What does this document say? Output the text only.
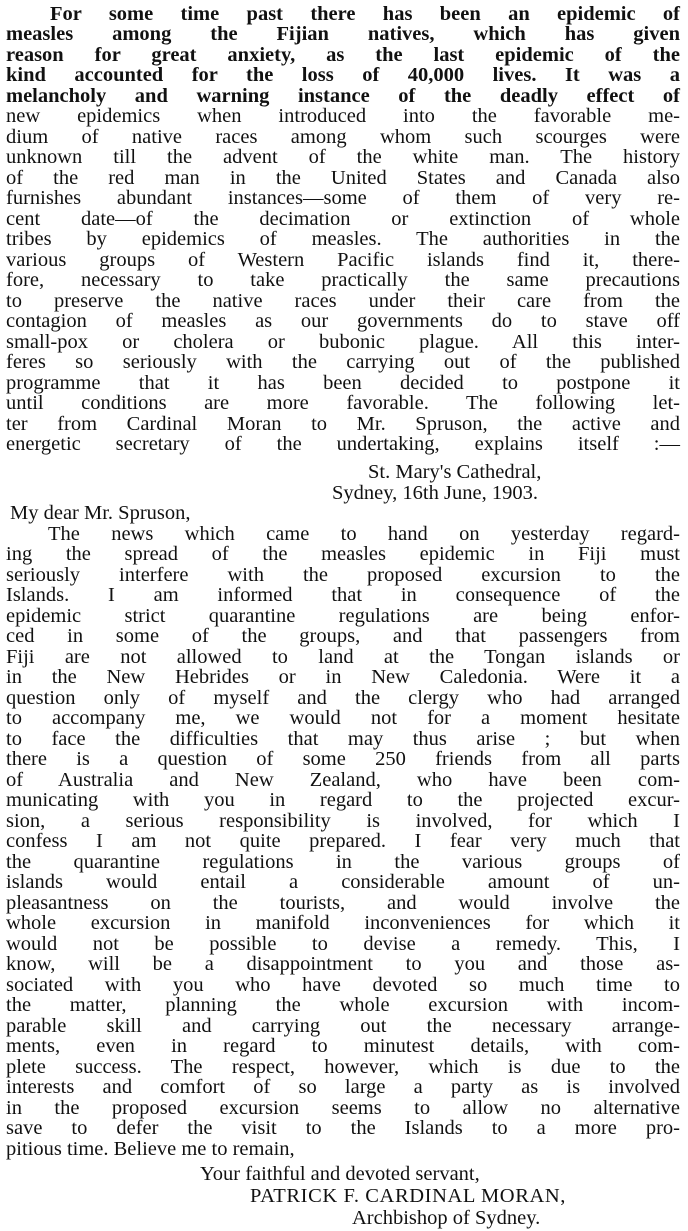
For some time past there has been an epidemic of
measles among the Fijian natives, which has given
reason for great anxiety, as the last epidemic of the
kind accounted for the loss of 40,000 lives. It was a
melancholy and warning instance of the deadly effect of
new epidemics when introduced into the favorable me-
dium of native races among whom such scourges were
unknown till the advent of the white man. The history
of the red man in the United States and Canada also
furnishes abundant instances—some of them of very re-
cent date—of the decimation or extinction of whole
tribes by epidemics of measles. The authorities in the
various groups of Western Pacific islands find it, there-
fore, necessary to take practically the same precautions
to preserve the native races under their care from the
contagion of measles as our governments do to stave off
small-pox or cholera or bubonic plague. All this inter-
feres so seriously with the carrying out of the published
programme that it has been decided to postpone it
until conditions are more favorable. The following let-
ter from Cardinal Moran to Mr. Spruson, the active and
energetic secretary of the undertaking, explains itself :—
St. Mary's Cathedral,
Sydney, 16th June, 1903.
My dear Mr. Spruson,
The news which came to hand on yesterday regard-
ing the spread of the measles epidemic in Fiji must
seriously interfere with the proposed excursion to the
Islands. I am informed that in consequence of the
epidemic strict quarantine regulations are being enfor-
ced in some of the groups, and that passengers from
Fiji are not allowed to land at the Tongan islands or
in the New Hebrides or in New Caledonia. Were it a
question only of myself and the clergy who had arranged
to accompany me, we would not for a moment hesitate
to face the difficulties that may thus arise ; but when
there is a question of some 250 friends from all parts
of Australia and New Zealand, who have been com-
municating with you in regard to the projected excur-
sion, a serious responsibility is involved, for which I
confess I am not quite prepared. I fear very much that
the quarantine regulations in the various groups of
islands would entail a considerable amount of un-
pleasantness on the tourists, and would involve the
whole excursion in manifold inconveniences for which it
would not be possible to devise a remedy. This, I
know, will be a disappointment to you and those as-
sociated with you who have devoted so much time to
the matter, planning the whole excursion with incom-
parable skill and carrying out the necessary arrange-
ments, even in regard to minutest details, with com-
plete success. The respect, however, which is due to the
interests and comfort of so large a party as is involved
in the proposed excursion seems to allow no alternative
save to defer the visit to the Islands to a more pro-
pitious time. Believe me to remain,
Your faithful and devoted servant,
PATRICK F. CARDINAL MORAN,
Archbishop of Sydney.
